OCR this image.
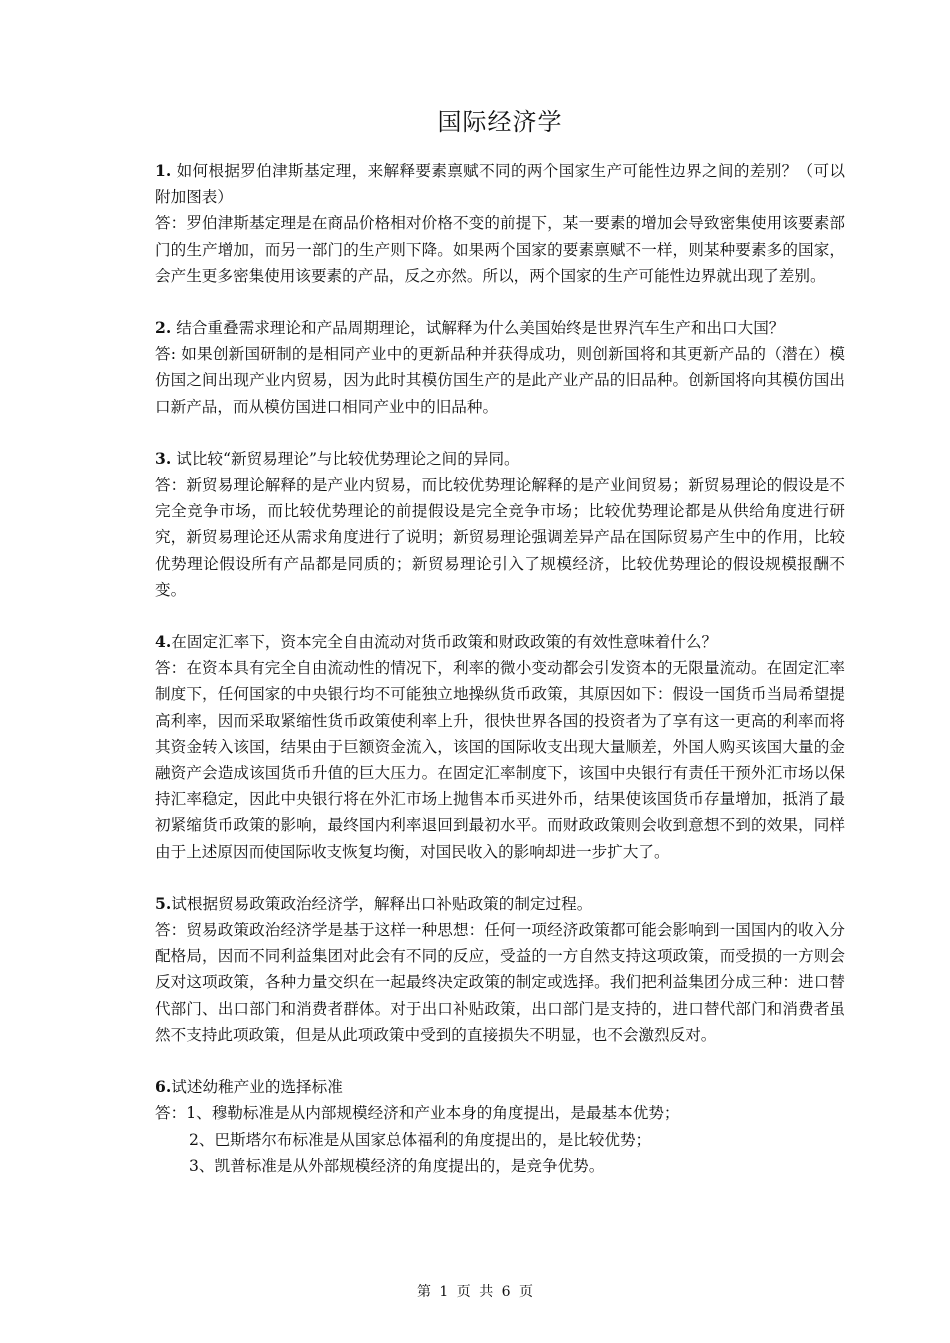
国际经济学

1. 如何根据罗伯津斯基定理，来解释要素禀赋不同的两个国家生产可能性边界之间的差别？（可以附加图表）

答：罗伯津斯基定理是在商品价格相对价格不变的前提下，某一要素的增加会导致密集使用该要素部门的生产增加，而另一部门的生产则下降。如果两个国家的要素禀赋不一样，则某种要素多的国家，会产生更多密集使用该要素的产品，反之亦然。所以，两个国家的生产可能性边界就出现了差别。

2. 结合重叠需求理论和产品周期理论，试解释为什么美国始终是世界汽车生产和出口大国？

答: 如果创新国研制的是相同产业中的更新品种并获得成功，则创新国将和其更新产品的（潜在）模仿国之间出现产业内贸易，因为此时其模仿国生产的是此产业产品的旧品种。创新国将向其模仿国出口新产品，而从模仿国进口相同产业中的旧品种。

3. 试比较“新贸易理论”与比较优势理论之间的异同。

答：新贸易理论解释的是产业内贸易，而比较优势理论解释的是产业间贸易；新贸易理论的假设是不完全竞争市场，而比较优势理论的前提假设是完全竞争市场；比较优势理论都是从供给角度进行研究，新贸易理论还从需求角度进行了说明；新贸易理论强调差异产品在国际贸易产生中的作用，比较优势理论假设所有产品都是同质的；新贸易理论引入了规模经济，比较优势理论的假设规模报酬不变。

4.在固定汇率下，资本完全自由流动对货币政策和财政政策的有效性意味着什么？

答：在资本具有完全自由流动性的情况下，利率的微小变动都会引发资本的无限量流动。在固定汇率制度下，任何国家的中央银行均不可能独立地操纵货币政策，其原因如下：假设一国货币当局希望提高利率，因而采取紧缩性货币政策使利率上升，很快世界各国的投资者为了享有这一更高的利率而将其资金转入该国，结果由于巨额资金流入，该国的国际收支出现大量顺差，外国人购买该国大量的金融资产会造成该国货币升值的巨大压力。在固定汇率制度下，该国中央银行有责任干预外汇市场以保持汇率稳定，因此中央银行将在外汇市场上抛售本币买进外币，结果使该国货币存量增加，抵消了最初紧缩货币政策的影响，最终国内利率退回到最初水平。而财政政策则会收到意想不到的效果，同样由于上述原因而使国际收支恢复均衡，对国民收入的影响却进一步扩大了。

5.试根据贸易政策政治经济学，解释出口补贴政策的制定过程。

答：贸易政策政治经济学是基于这样一种思想：任何一项经济政策都可能会影响到一国国内的收入分配格局，因而不同利益集团对此会有不同的反应，受益的一方自然支持这项政策，而受损的一方则会反对这项政策，各种力量交织在一起最终决定政策的制定或选择。我们把利益集团分成三种：进口替代部门、出口部门和消费者群体。对于出口补贴政策，出口部门是支持的，进口替代部门和消费者虽然不支持此项政策，但是从此项政策中受到的直接损失不明显，也不会激烈反对。

6.试述幼稚产业的选择标准

答：1、穆勒标准是从内部规模经济和产业本身的角度提出，是最基本优势；

2、巴斯塔尔布标准是从国家总体福利的角度提出的，是比较优势；

3、凯普标准是从外部规模经济的角度提出的，是竞争优势。

第 1 页 共 6 页
